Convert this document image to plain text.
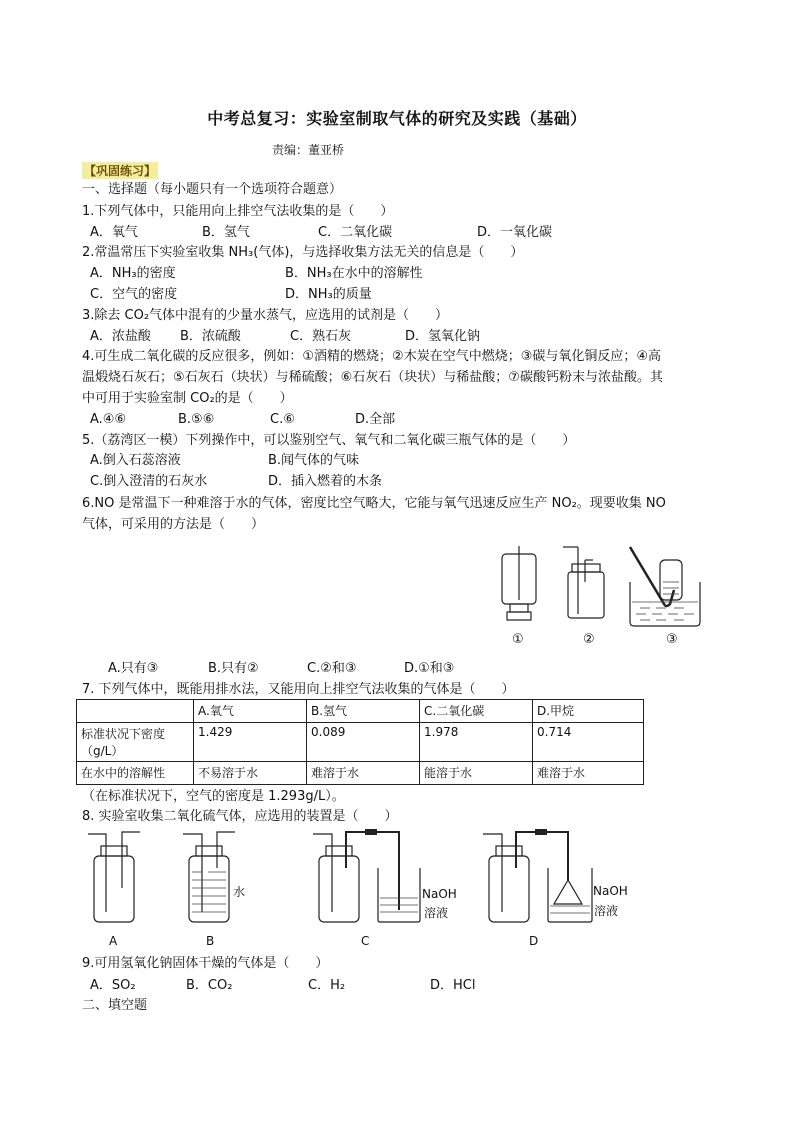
中考总复习：实验室制取气体的研究及实践（基础）
责编：董亚桥
【巩固练习】
一、选择题（每小题只有一个选项符合题意）
1.下列气体中，只能用向上排空气法收集的是（　　）
A．氧气	B．氢气	C．二氧化碳	D．一氧化碳
2.常温常压下实验室收集 NH₃(气体)，与选择收集方法无关的信息是（　　）
A．NH₃的密度	B．NH₃在水中的溶解性
C．空气的密度	D．NH₃的质量
3.除去 CO₂气体中混有的少量水蒸气，应选用的试剂是（　　）
A．浓盐酸 B．浓硫酸	C．熟石灰	D．氢氧化钠
4.可生成二氧化碳的反应很多，例如：①酒精的燃烧；②木炭在空气中燃烧；③碳与氧化铜反应；④高
温煅烧石灰石；⑤石灰石（块状）与稀硫酸；⑥石灰石（块状）与稀盐酸；⑦碳酸钙粉末与浓盐酸。其
中可用于实验室制 CO₂的是（　　）
A.④⑥	B.⑤⑥	C.⑥	D.全部
5.（荔湾区一模）下列操作中，可以鉴别空气、氧气和二氧化碳三瓶气体的是（　　）
A.倒入石蕊溶液	B.闻气体的气味
C.倒入澄清的石灰水	D．插入燃着的木条
6.NO 是常温下一种难溶于水的气体，密度比空气略大，它能与氧气迅速反应生产 NO₂。现要收集 NO
气体，可采用的方法是（　　）
①	②	③
A.只有③	B.只有②	C.②和③	D.①和③
7. 下列气体中，既能用排水法，又能用向上排空气法收集的气体是（　　）
	A.氧气	B.氢气	C.二氧化碳	D.甲烷
标准状况下密度
（g/L）	1.429	0.089	1.978	0.714
在水中的溶解性	不易溶于水	难溶于水	能溶于水	难溶于水
（在标准状况下，空气的密度是 1.293g/L）。
8. 实验室收集二氧化硫气体，应选用的装置是（　　）
水	NaOH
溶液
NaOH
溶液
A	B	C	D
9.可用氢氧化钠固体干燥的气体是（　　）
A．SO₂	B．CO₂	C．H₂	D．HCl
二、填空题
